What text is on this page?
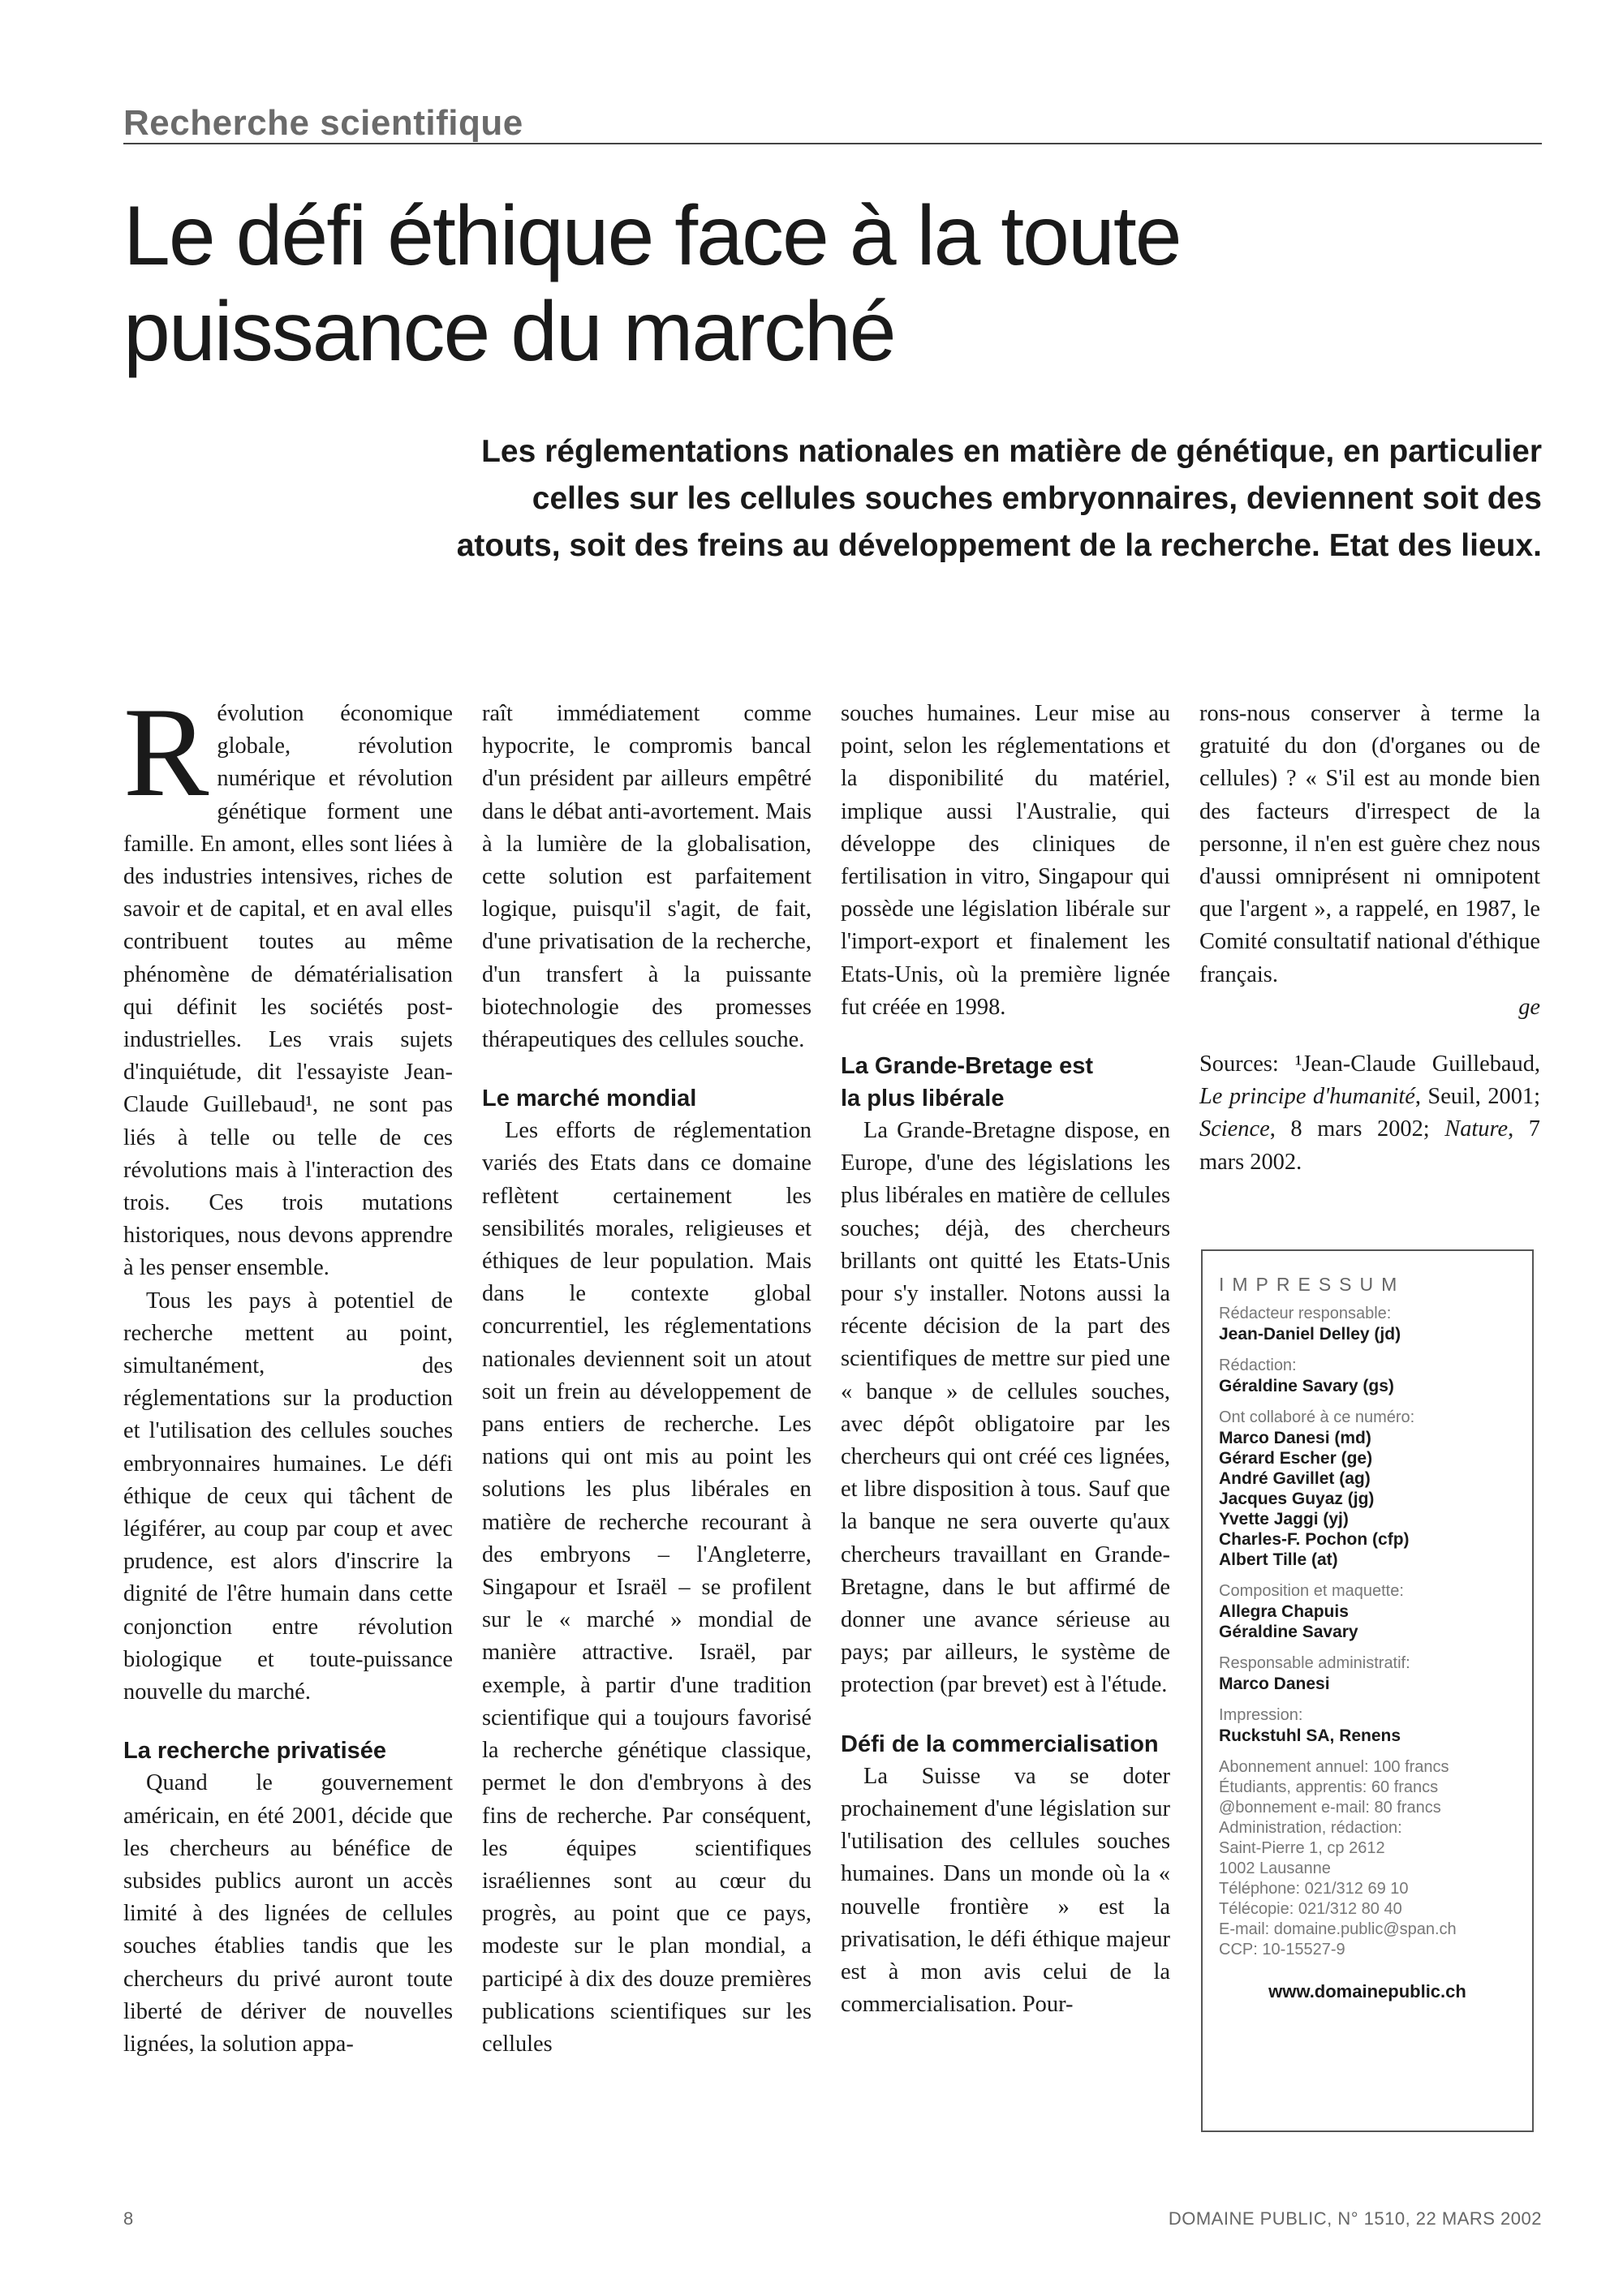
Recherche scientifique
Le défi éthique face à la toute
puissance du marché

Les réglementations nationales en matière de génétique, en particulier celles sur les cellules souches embryonnaires, deviennent soit des atouts, soit des freins au développement de la recherche. Etat des lieux.

Révolution économique globale, révolution numérique et révolution génétique forment une famille. En amont, elles sont liées à des industries intensives, riches de savoir et de capital, et en aval elles contribuent toutes au même phénomène de dématérialisation qui définit les sociétés post-industrielles. Les vrais sujets d'inquiétude, dit l'essayiste Jean-Claude Guillebaud¹, ne sont pas liés à telle ou telle de ces révolutions mais à l'interaction des trois. Ces trois mutations historiques, nous devons apprendre à les penser ensemble.

Tous les pays à potentiel de recherche mettent au point, simultanément, des réglementations sur la production et l'utilisation des cellules souches embryonnaires humaines. Le défi éthique de ceux qui tâchent de légiférer, au coup par coup et avec prudence, est alors d'inscrire la dignité de l'être humain dans cette conjonction entre révolution biologique et toute-puissance nouvelle du marché.

La recherche privatisée

Quand le gouvernement américain, en été 2001, décide que les chercheurs au bénéfice de subsides publics auront un accès limité à des lignées de cellules souches établies tandis que les chercheurs du privé auront toute liberté de dériver de nouvelles lignées, la solution appa-

raît immédiatement comme hypocrite, le compromis bancal d'un président par ailleurs empêtré dans le débat anti-avortement. Mais à la lumière de la globalisation, cette solution est parfaitement logique, puisqu'il s'agit, de fait, d'une privatisation de la recherche, d'un transfert à la puissante biotechnologie des promesses thérapeutiques des cellules souche.

Le marché mondial

Les efforts de réglementation variés des Etats dans ce domaine reflètent certainement les sensibilités morales, religieuses et éthiques de leur population. Mais dans le contexte global concurrentiel, les réglementations nationales deviennent soit un atout soit un frein au développement de pans entiers de recherche. Les nations qui ont mis au point les solutions les plus libérales en matière de recherche recourant à des embryons – l'Angleterre, Singapour et Israël – se profilent sur le « marché » mondial de manière attractive. Israël, par exemple, à partir d'une tradition scientifique qui a toujours favorisé la recherche génétique classique, permet le don d'embryons à des fins de recherche. Par conséquent, les équipes scientifiques israéliennes sont au cœur du progrès, au point que ce pays, modeste sur le plan mondial, a participé à dix des douze premières publications scientifiques sur les cellules

souches humaines. Leur mise au point, selon les réglementations et la disponibilité du matériel, implique aussi l'Australie, qui développe des cliniques de fertilisation in vitro, Singapour qui possède une législation libérale sur l'import-export et finalement les Etats-Unis, où la première lignée fut créée en 1998.

La Grande-Bretage est
la plus libérale

La Grande-Bretagne dispose, en Europe, d'une des législations les plus libérales en matière de cellules souches; déjà, des chercheurs brillants ont quitté les Etats-Unis pour s'y installer. Notons aussi la récente décision de la part des scientifiques de mettre sur pied une « banque » de cellules souches, avec dépôt obligatoire par les chercheurs qui ont créé ces lignées, et libre disposition à tous. Sauf que la banque ne sera ouverte qu'aux chercheurs travaillant en Grande-Bretagne, dans le but affirmé de donner une avance sérieuse au pays; par ailleurs, le système de protection (par brevet) est à l'étude.

Défi de la commercialisation

La Suisse va se doter prochainement d'une législation sur l'utilisation des cellules souches humaines. Dans un monde où la « nouvelle frontière » est la privatisation, le défi éthique majeur est à mon avis celui de la commercialisation. Pour-

rons-nous conserver à terme la gratuité du don (d'organes ou de cellules) ? « S'il est au monde bien des facteurs d'irrespect de la personne, il n'en est guère chez nous d'aussi omniprésent ni omnipotent que l'argent », a rappelé, en 1987, le Comité consultatif national d'éthique français.

ge

Sources: ¹Jean-Claude Guillebaud, Le principe d'humanité, Seuil, 2001; Science, 8 mars 2002; Nature, 7 mars 2002.

IMPRESSUM

Rédacteur responsable:

Jean-Daniel Delley (jd)

Rédaction:

Géraldine Savary (gs)

Ont collaboré à ce numéro:

Marco Danesi (md)

Gérard Escher (ge)

André Gavillet (ag)

Jacques Guyaz (jg)

Yvette Jaggi (yj)

Charles-F. Pochon (cfp)

Albert Tille (at)

Composition et maquette:

Allegra Chapuis

Géraldine Savary

Responsable administratif:

Marco Danesi

Impression:

Ruckstuhl SA, Renens

Abonnement annuel: 100 francs

Étudiants, apprentis: 60 francs

@bonnement e-mail: 80 francs

Administration, rédaction:

Saint-Pierre 1, cp 2612

1002 Lausanne

Téléphone: 021/312 69 10

Télécopie: 021/312 80 40

E-mail: domaine.public@span.ch

CCP: 10-15527-9

www.domainepublic.ch

8	DOMAINE PUBLIC, N° 1510, 22 MARS 2002
